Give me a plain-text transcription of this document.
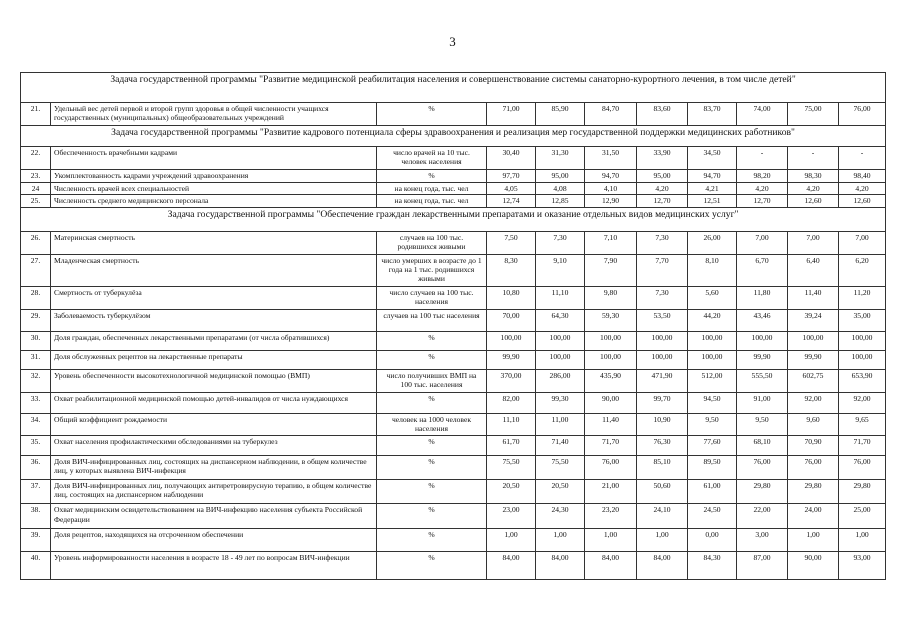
3
Задача государственной программы "Развитие медицинской реабилитация населения и совершенствование системы санаторно-курортного лечения, в том числе детей"										
21.	Удельный вес детей первой и второй групп здоровья в общей численности учащихся государственных (муниципальных) общеобразовательных учреждений	%	71,00	85,90	84,70	83,60	83,70	74,00	75,00	76,00
Задача государственной программы "Развитие кадрового потенциала сферы здравоохранения и реализация мер государственной поддержки медицинских работников"										
22.	Обеспеченность врачебными кадрами	число врачей на 10 тыс. человек населения	30,40	31,30	31,50	33,90	34,50	-	-	-
23.	Укомплектованность кадрами учреждений здравоохранения	%	97,70	95,00	94,70	95,00	94,70	98,20	98,30	98,40
24	Численность врачей всех специальностей	на конец года, тыс. чел	4,05	4,08	4,10	4,20	4,21	4,20	4,20	4,20
25.	Численность среднего медицинского персонала	на конец года, тыс. чел	12,74	12,85	12,90	12,70	12,51	12,70	12,60	12,60
Задача государственной программы "Обеспечение граждан лекарственными препаратами и оказание отдельных видов медицинских услуг"										
26.	Материнская смертность	случаев на 100 тыс. родившихся живыми	7,50	7,30	7,10	7,30	26,00	7,00	7,00	7,00
27.	Младенческая смертность	число умерших в возрасте до 1 года на 1 тыс. родившихся живыми	8,30	9,10	7,90	7,70	8,10	6,70	6,40	6,20
28.	Смертность от туберкулёза	число случаев на 100 тыс. населения	10,80	11,10	9,80	7,30	5,60	11,80	11,40	11,20
29.	Заболеваемость туберкулёзом	случаев на 100 тыс населения	70,00	64,30	59,30	53,50	44,20	43,46	39,24	35,00
30.	Доля граждан, обеспеченных лекарственными препаратами (от числа обратившихся)	%	100,00	100,00	100,00	100,00	100,00	100,00	100,00	100,00
31.	Доля обслуженных рецептов на лекарственные препараты	%	99,90	100,00	100,00	100,00	100,00	99,90	99,90	100,00
32.	Уровень обеспеченности высокотехнологичной медицинской помощью (ВМП)	число получивших ВМП на 100 тыс. населения	370,00	286,00	435,90	471,90	512,00	555,50	602,75	653,90
33.	Охват реабилитационной медицинской помощью детей-инвалидов от числа нуждающихся	%	82,00	99,30	90,00	99,70	94,50	91,00	92,00	92,00
34.	Общий коэффициент рождаемости	человек на 1000 человек населения	11,10	11,00	11,40	10,90	9,50	9,50	9,60	9,65
35.	Охват населения профилактическими обследованиями на туберкулез	%	61,70	71,40	71,70	76,30	77,60	68,10	70,90	71,70
36.	Доля ВИЧ-инфицированных лиц, состоящих на диспансерном наблюдении, в общем количестве лиц, у которых выявлена ВИЧ-инфекция	%	75,50	75,50	76,00	85,10	89,50	76,00	76,00	76,00
37.	Доля ВИЧ-инфицированных лиц, получающих антиретровирусную терапию, в общем количестве лиц, состоящих на диспансерном наблюдении	%	20,50	20,50	21,00	50,60	61,00	29,80	29,80	29,80
38.	Охват медицинским освидетельствованием на ВИЧ-инфекцию населения субъекта Российской Федерации	%	23,00	24,30	23,20	24,10	24,50	22,00	24,00	25,00
39.	Доля рецептов, находящихся на отсроченном обеспечении	%	1,00	1,00	1,00	1,00	0,00	3,00	1,00	1,00
40.	Уровень информированности населения в возрасте 18 - 49 лет по вопросам ВИЧ-инфекции	%	84,00	84,00	84,00	84,00	84,30	87,00	90,00	93,00
